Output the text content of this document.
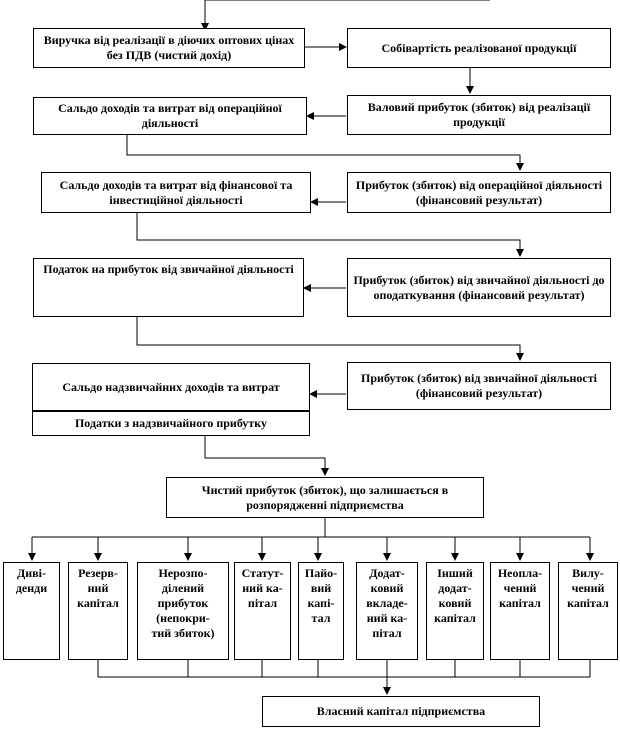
Виручка від реалізації в діючих оптових цінах без ПДВ (чистий дохід)
Собівартість реалізованої продукції
Сальдо доходів та витрат від операційної діяльності
Валовий прибуток (збиток) від реалізації продукції
Сальдо доходів та витрат від фінансової та інвестиційної діяльності
Прибуток (збиток) від операційної діяльності (фінансовий результат)
Податок на прибуток від звичайної діяльності
Прибуток (збиток) від звичайної діяльності до оподаткування (фінансовий результат)
Сальдо надзвичайних доходів та витрат
Податки з надзвичайного прибутку
Прибуток (збиток) від звичайної діяльності (фінансовий результат)
Чистий прибуток (збиток), що залишається в розпорядженні підприємства
Диві-
денди
Резерв-
ний
капітал
Нерозпо-
ділений
прибуток
(непокри-
тий збиток)
Статут-
ний ка-
пітал
Пайо-
вий
капі-
тал
Додат-
ковий
вкладе-
ний ка-
пітал
Інший
додат-
ковий
капітал
Неопла-
чений
капітал
Вилу-
чений
капітал
Власний капітал підприємства
